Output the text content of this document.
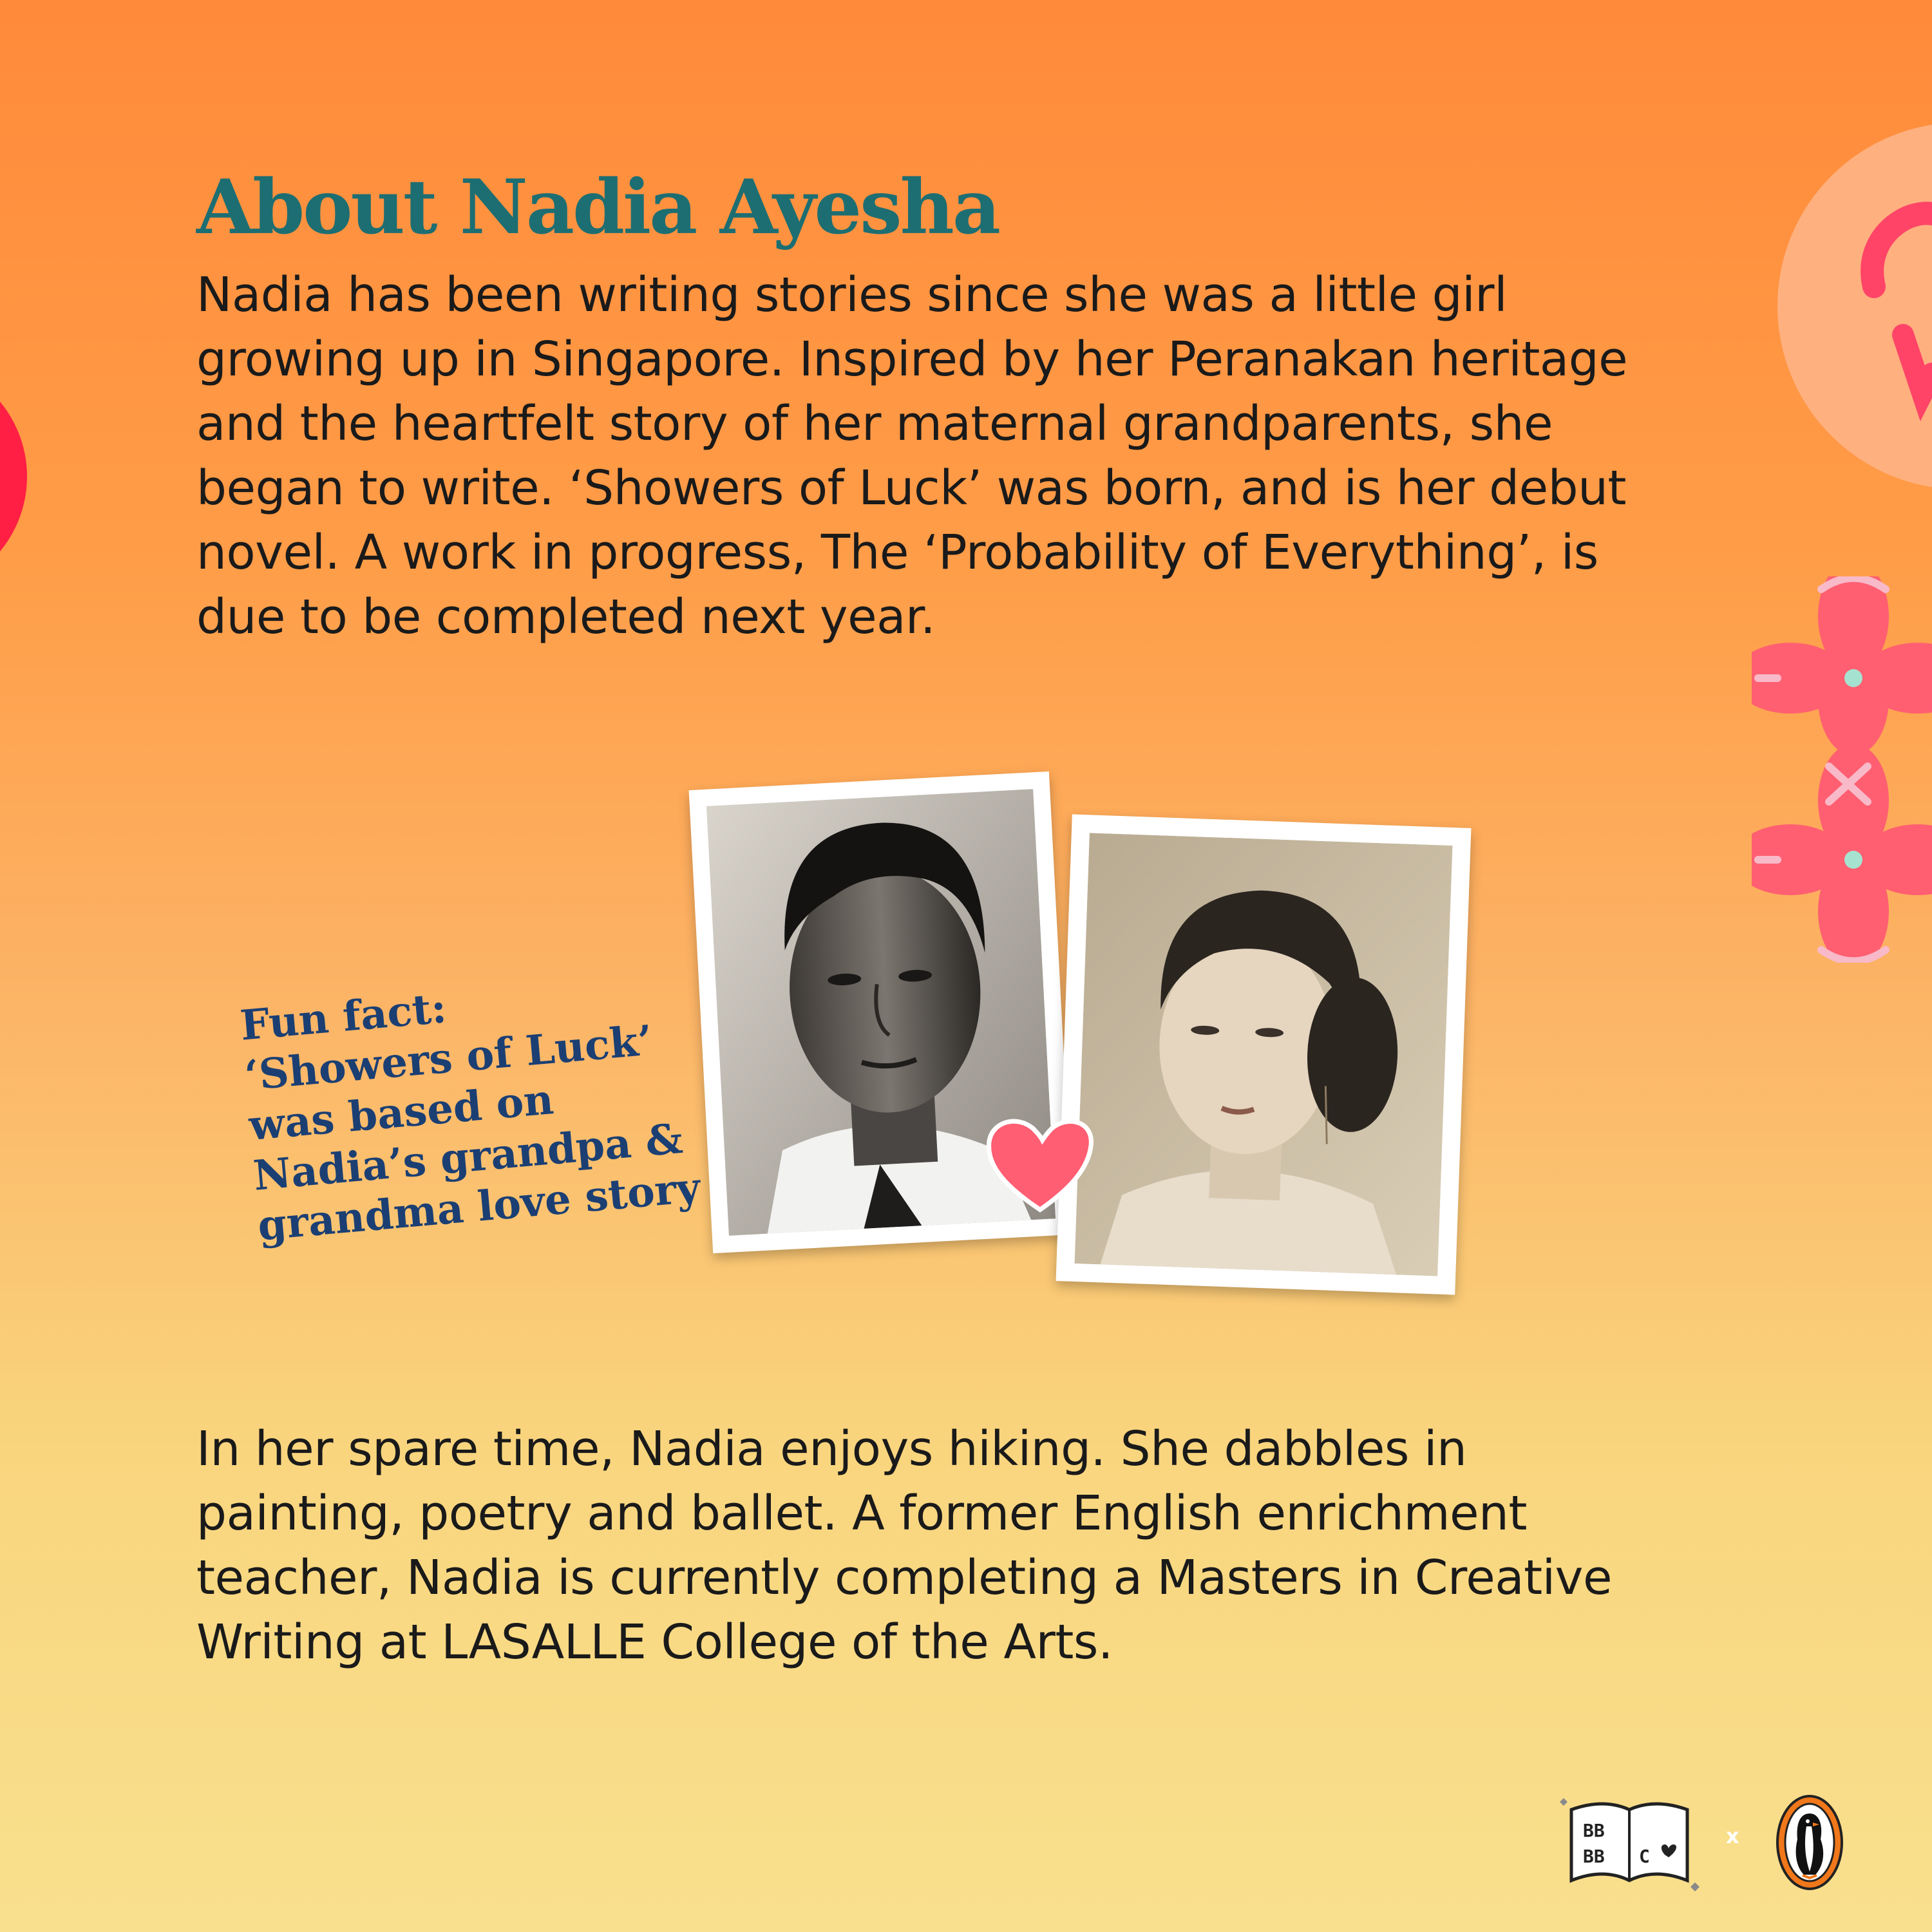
About Nadia Ayesha

Nadia has been writing stories since she was a little girl growing up in Singapore. Inspired by her Peranakan heritage and the heartfelt story of her maternal grandparents, she began to write. ‘Showers of Luck’ was born, and is her debut novel. A work in progress, The ‘Probability of Everything’, is due to be completed next year.

Fun fact:
‘Showers of Luck’
was based on
Nadia’s grandpa &
grandma love story

In her spare time, Nadia enjoys hiking. She dabbles in painting, poetry and ballet. A former English enrichment teacher, Nadia is currently completing a Masters in Creative Writing at LASALLE College of the Arts.

BB
BB C
x
